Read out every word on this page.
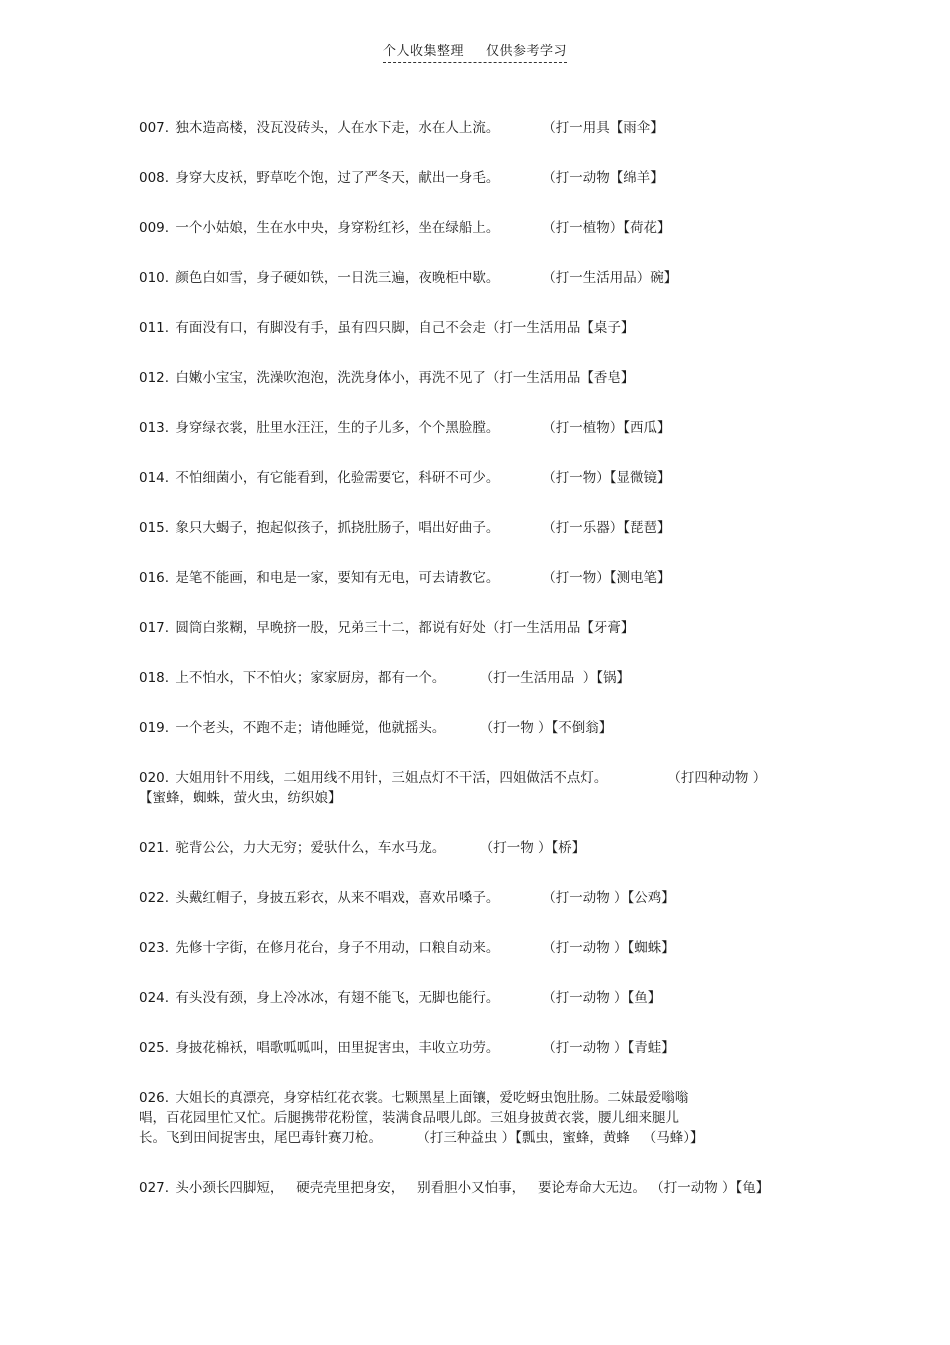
个人收集整理 仅供参考学习
007. 独木造高楼，没瓦没砖头，人在水下走，水在人上流。          （打一用具【雨伞】
008. 身穿大皮袄，野草吃个饱，过了严冬天，献出一身毛。          （打一动物【绵羊】
009. 一个小姑娘，生在水中央，身穿粉红衫，坐在绿船上。          （打一植物）【荷花】
010. 颜色白如雪，身子硬如铁，一日洗三遍，夜晚柜中歇。          （打一生活用品）碗】
011. 有面没有口，有脚没有手，虽有四只脚，自己不会走（打一生活用品【桌子】
012. 白嫩小宝宝，洗澡吹泡泡，洗洗身体小，再洗不见了（打一生活用品【香皂】
013. 身穿绿衣裳，肚里水汪汪，生的子儿多，个个黑脸膛。          （打一植物）【西瓜】
014. 不怕细菌小，有它能看到，化验需要它，科研不可少。          （打一物）【显微镜】
015. 象只大蝎子，抱起似孩子，抓挠肚肠子，唱出好曲子。          （打一乐器）【琵琶】
016. 是笔不能画，和电是一家，要知有无电，可去请教它。          （打一物）【测电笔】
017. 圆筒白浆糊，早晚挤一股，兄弟三十二，都说有好处（打一生活用品【牙膏】
018. 上不怕水，下不怕火；家家厨房，都有一个。        （打一生活用品  ）【锅】
019. 一个老头，不跑不走；请他睡觉，他就摇头。        （打一物 ）【不倒翁】
020. 大姐用针不用线，二姐用线不用针，三姐点灯不干活，四姐做活不点灯。              （打四种动物 ）
【蜜蜂，蜘蛛，萤火虫，纺织娘】
021. 驼背公公，力大无穷；爱驮什么，车水马龙。        （打一物 ）【桥】
022. 头戴红帽子，身披五彩衣，从来不唱戏，喜欢吊嗓子。          （打一动物 ）【公鸡】
023. 先修十字街，在修月花台，身子不用动，口粮自动来。          （打一动物 ）【蜘蛛】
024. 有头没有颈，身上冷冰冰，有翅不能飞，无脚也能行。          （打一动物 ）【鱼】
025. 身披花棉袄，唱歌呱呱叫，田里捉害虫，丰收立功劳。          （打一动物 ）【青蛙】
026. 大姐长的真漂亮，身穿桔红花衣裳。七颗黑星上面镶，爱吃蚜虫饱肚肠。二妹最爱嗡嗡
唱，百花园里忙又忙。后腿携带花粉筐，装满食品喂儿郎。三姐身披黄衣裳，腰儿细来腿儿
长。飞到田间捉害虫，尾巴毒针赛刀枪。        （打三种益虫 ）【瓢虫，蜜蜂，黄蜂   （马蜂）】
027. 头小颈长四脚短，   硬壳壳里把身安，   别看胆小又怕事，   要论寿命大无边。 （打一动物 ）【龟】
